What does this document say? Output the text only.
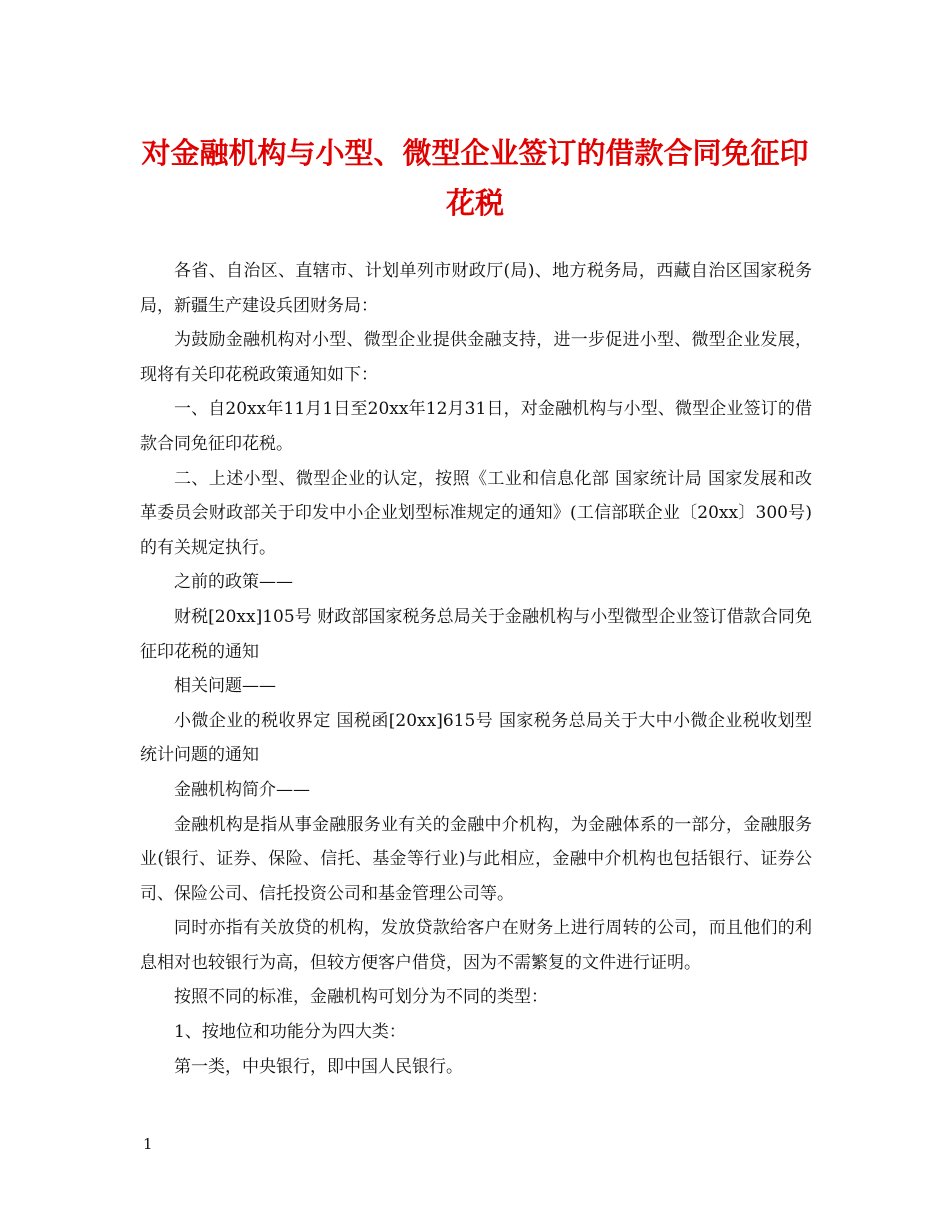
对金融机构与小型、微型企业签订的借款合同免征印花税

各省、自治区、直辖市、计划单列市财政厅(局)、地方税务局，西藏自治区国家税务局，新疆生产建设兵团财务局：

为鼓励金融机构对小型、微型企业提供金融支持，进一步促进小型、微型企业发展，现将有关印花税政策通知如下：

一、自20xx年11月1日至20xx年12月31日，对金融机构与小型、微型企业签订的借款合同免征印花税。

二、上述小型、微型企业的认定，按照《工业和信息化部 国家统计局 国家发展和改革委员会财政部关于印发中小企业划型标准规定的通知》(工信部联企业〔20xx〕300号)的有关规定执行。

之前的政策——

财税[20xx]105号 财政部国家税务总局关于金融机构与小型微型企业签订借款合同免征印花税的通知

相关问题——

小微企业的税收界定 国税函[20xx]615号 国家税务总局关于大中小微企业税收划型统计问题的通知

金融机构简介——

金融机构是指从事金融服务业有关的金融中介机构，为金融体系的一部分，金融服务业(银行、证券、保险、信托、基金等行业)与此相应，金融中介机构也包括银行、证券公司、保险公司、信托投资公司和基金管理公司等。

同时亦指有关放贷的机构，发放贷款给客户在财务上进行周转的公司，而且他们的利息相对也较银行为高，但较方便客户借贷，因为不需繁复的文件进行证明。

按照不同的标准，金融机构可划分为不同的类型：

1、按地位和功能分为四大类：

第一类，中央银行，即中国人民银行。

1
